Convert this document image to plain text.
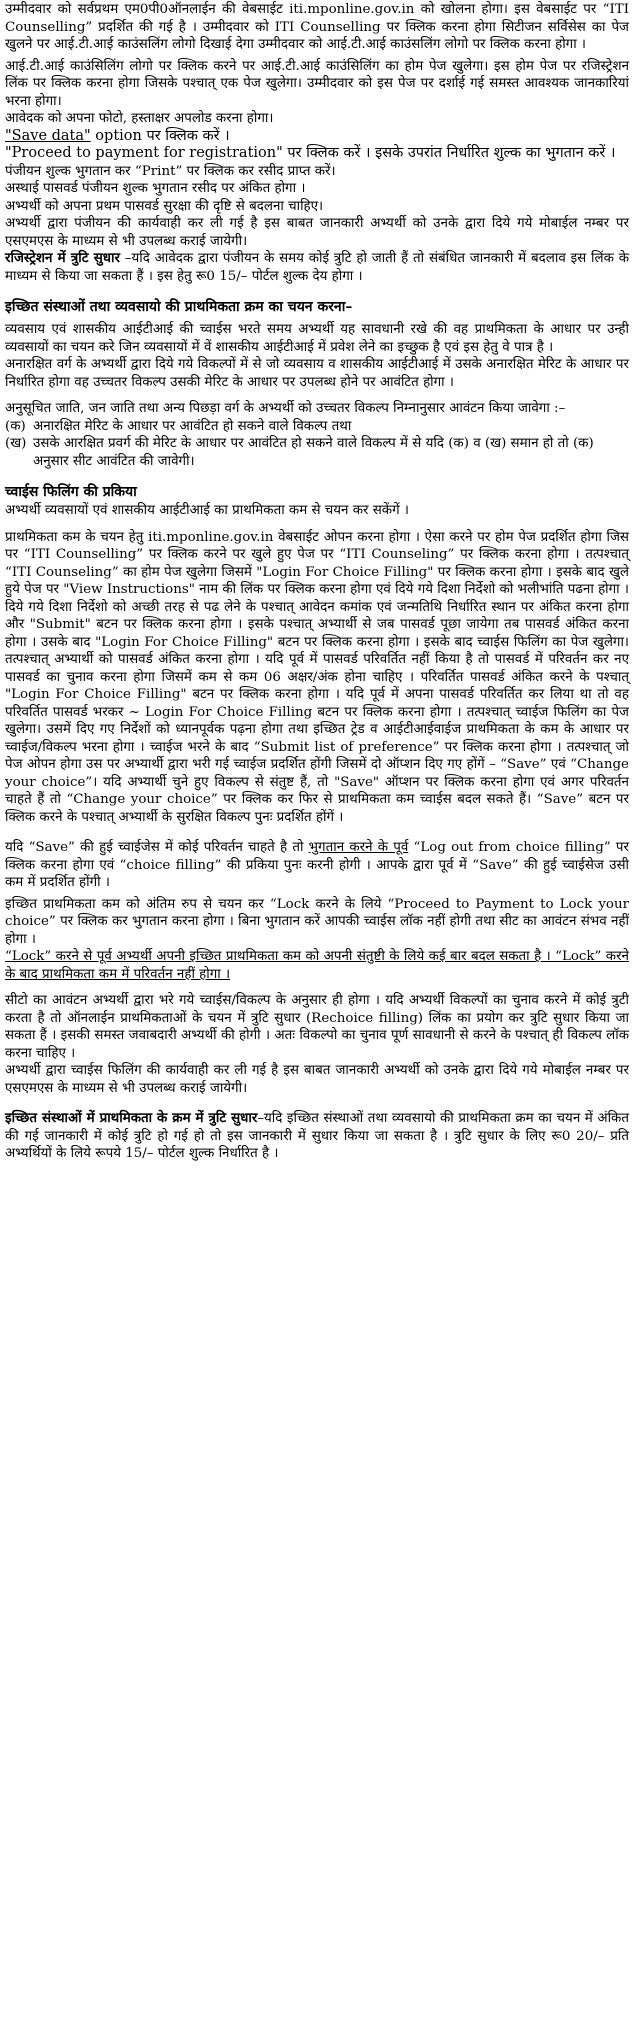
उम्मीदवार को सर्वप्रथम एम0पी0ऑनलाईन की वेबसाईट iti.mponline.gov.in को खोलना होगा। इस वेबसाईट पर “ITI Counselling” प्रदर्शित की गई है । उम्मीदवार को ITI Counselling पर क्लिक करना होगा सिटीजन सर्विसेस का पेज खुलने पर आई.टी.आई काउंसलिंग लोगो दिखाई देगा उम्मीदवार को आई.टी.आई काउंसलिंग लोगो पर क्लिक करना होगा ।

आई.टी.आई काउंसिलिंग लोगो पर क्लिक करने पर आई.टी.आई काउंसिलिंग का होम पेज खुलेगा। इस होम पेज पर रजिस्ट्रेशन लिंक पर क्लिक करना होगा जिसके पश्चात् एक पेज खुलेगा। उम्मीदवार को इस पेज पर दर्शाई गई समस्त आवश्यक जानकारियां भरना होगा।

आवेदक को अपना फोटो, हस्ताक्षर अपलोड करना होगा।

"Save data" option पर क्लिक करें ।

"Proceed to payment for registration" पर क्लिक करें । इसके उपरांत निर्धारित शुल्क का भुगतान करें ।

पंजीयन शुल्क भुगतान कर “Print” पर क्लिक कर रसीद प्राप्त करें।

अस्थाई पासवर्ड पंजीयन शुल्क भुगतान रसीद पर अंकित होगा ।

अभ्यर्थी को अपना प्रथम पासवर्ड सुरक्षा की दृष्टि से बदलना चाहिए।

अभ्यर्थी द्वारा पंजीयन की कार्यवाही कर ली गई है इस बाबत जानकारी अभ्यर्थी को उनके द्वारा दिये गये मोबाईल नम्बर पर एसएमएस के माध्यम से भी उपलब्ध कराई जायेगी।

रजिस्ट्रेशन में त्रुटि सुधार –यदि आवेदक द्वारा पंजीयन के समय कोई त्रुटि हो जाती हैं तो संबंधित जानकारी में बदलाव इस लिंक के माध्यम से किया जा सकता हैं । इस हेतु रू0 15/– पोर्टल शुल्क देय होगा ।

इच्छित संस्थाओं तथा व्यवसायो की प्राथमिकता क्रम का चयन करना–

व्यवसाय एवं शासकीय आईटीआई की च्वाईस भरते समय अभ्यर्थी यह सावधानी रखे की वह प्राथमिकता के आधार पर उन्ही व्यवसायों का चयन करे जिन व्यवसायों में वें शासकीय आईटीआई में प्रवेश लेने का इच्छुक है एवं इस हेतु वे पात्र है ।

अनारक्षित वर्ग के अभ्यर्थी द्वारा दिये गये विकल्पों में से जो व्यवसाय व शासकीय आईटीआई में उसके अनारक्षित मेरिट के आधार पर निर्धारित होगा वह उच्चतर विकल्प उसकी मेरिट के आधार पर उपलब्ध होने पर आवंटित होगा ।

अनुसूचित जाति, जन जाति तथा अन्य पिछड़ा वर्ग के अभ्यर्थी को उच्चतर विकल्प निम्नानुसार आवंटन किया जावेगा :–

(क) अनारक्षित मेरिट के आधार पर आवंटित हो सकने वाले विकल्प तथा
(ख) उसके आरक्षित प्रवर्ग की मेरिट के आधार पर आवंटित हो सकने वाले विकल्प में से यदि (क) व (ख) समान हो तो (क) अनुसार सीट आवंटित की जावेगी।
च्वाईस फिलिंग की प्रकिया

अभ्यर्थी व्यवसायों एवं शासकीय आईटीआई का प्राथमिकता कम से चयन कर सकेंगें ।

प्राथमिकता कम के चयन हेतु iti.mponline.gov.in वेबसाईट ओपन करना होगा । ऐसा करने पर होम पेज प्रदर्शित होगा जिस पर “ITI Counselling” पर क्लिक करने पर खुले हुए पेज पर “ITI Counseling” पर क्लिक करना होगा । तत्पश्चात् “ITI Counseling” का होम पेज खुलेगा जिसमें "Login For Choice Filling" पर क्लिक करना होगा । इसके बाद खुले हुये पेज पर "View Instructions" नाम की लिंक पर क्लिक करना होगा एवं दिये गये दिशा निर्देशो को भलीभांति पढना होगा । दिये गये दिशा निर्देशो को अच्छी तरह से पढ लेने के पश्चात् आवेदन कमांक एवं जन्मतिथि निर्धारित स्थान पर अंकित करना होगा और "Submit" बटन पर क्लिक करना होगा । इसके पश्चात् अभ्यार्थी से जब पासवर्ड पूछा जायेगा तब पासवर्ड अंकित करना होगा । उसके बाद "Login For Choice Filling" बटन पर क्लिक करना होगा । इसके बाद च्वाईस फिलिंग का पेज खुलेगा। तत्पश्चात् अभ्यार्थी को पासवर्ड अंकित करना होगा । यदि पूर्व में पासवर्ड परिवर्तित नहीं किया है तो पासवर्ड में परिवर्तन कर नए पासवर्ड का चुनाव करना होगा जिसमें कम से कम 06 अक्षर/अंक होना चाहिए । परिवर्तित पासवर्ड अंकित करने के पश्चात् "Login For Choice Filling" बटन पर क्लिक करना होगा । यदि पूर्व में अपना पासवर्ड परिवर्तित कर लिया था तो वह परिवर्तित पासवर्ड भरकर ~ Login For Choice Filling बटन पर क्लिक करना होगा । तत्पश्चात् च्वाईज फिलिंग का पेज खुलेगा। उसमें दिए गए निर्देशों को ध्यानपूर्वक पढ़ना होगा तथा इच्छित ट्रेड व आईटीआईवाईज प्राथमिकता के कम के आधार पर च्वाईज/विकल्प भरना होगा । च्वाईज भरने के बाद “Submit list of preference” पर क्लिक करना होगा । तत्पश्चात् जो पेज ओपन होगा उस पर अभ्यार्थी द्वारा भरी गई च्वाईज प्रदर्शित होंगी जिसमें दो ऑप्शन दिए गए होंगें – “Save” एवं “Change your choice”। यदि अभ्यार्थी चुने हुए विकल्प से संतुष्ट हैं, तो "Save" ऑप्शन पर क्लिक करना होगा एवं अगर परिवर्तन चाहते हैं तो “Change your choice” पर क्लिक कर फिर से प्राथमिकता कम च्वाईस बदल सकते हैं। “Save” बटन पर क्लिक करने के पश्चात् अभ्यार्थी के सुरक्षित विकल्प पुनः प्रदर्शित होंगें ।

यदि “Save” की हुई च्वाईजेस में कोई परिवर्तन चाहते है तो भुगतान करने के पूर्व “Log out from choice filling” पर क्लिक करना होगा एवं “choice filling” की प्रकिया पुनः करनी होगी । आपके द्वारा पूर्व में “Save” की हुई च्वाईसेज उसी कम में प्रदर्शित होंगी ।

इच्छित प्राथमिकता कम को अंतिम रुप से चयन कर “Lock करने के लिये “Proceed to Payment to Lock your choice” पर क्लिक कर भुगतान करना होगा । बिना भुगतान करें आपकी च्वाईस लॉक नहीं होगी तथा सीट का आवंटन संभव नहीं होगा ।

“Lock” करने से पूर्व अभ्यर्थी अपनी इच्छित प्राथमिकता कम को अपनी संतुष्टी के लिये कई बार बदल सकता है । “Lock” करने के बाद प्राथमिकता कम में परिवर्तन नहीं होगा ।

सीटो का आवंटन अभ्यर्थी द्वारा भरे गये च्वाईस/विकल्प के अनुसार ही होगा । यदि अभ्यर्थी विकल्पों का चुनाव करने में कोई त्रुटी करता है तो ऑनलाईन प्राथमिकताओं के चयन में त्रुटि सुधार (Rechoice filling) लिंक का प्रयोग कर त्रुटि सुधार किया जा सकता हैं । इसकी समस्त जवाबदारी अभ्यर्थी की होगी । अतः विकल्पो का चुनाव पूर्ण सावधानी से करने के पश्चात् ही विकल्प लॉक करना चाहिए ।

अभ्यर्थी द्वारा च्वाईस फिलिंग की कार्यवाही कर ली गई है इस बाबत जानकारी अभ्यर्थी को उनके द्वारा दिये गये मोबाईल नम्बर पर एसएमएस के माध्यम से भी उपलब्ध कराई जायेगी।

इच्छित संस्थाओं में प्राथमिकता के क्रम में त्रुटि सुधार–यदि इच्छित संस्थाओं तथा व्यवसायो की प्राथमिकता क्रम का चयन में अंकित की गई जानकारी में कोई त्रुटि हो गई हो तो इस जानकारी में सुधार किया जा सकता है । त्रुटि सुधार के लिए रू0 20/– प्रति अभ्यर्थियों के लिये रूपये 15/– पोर्टल शुल्क निर्धारित है ।
